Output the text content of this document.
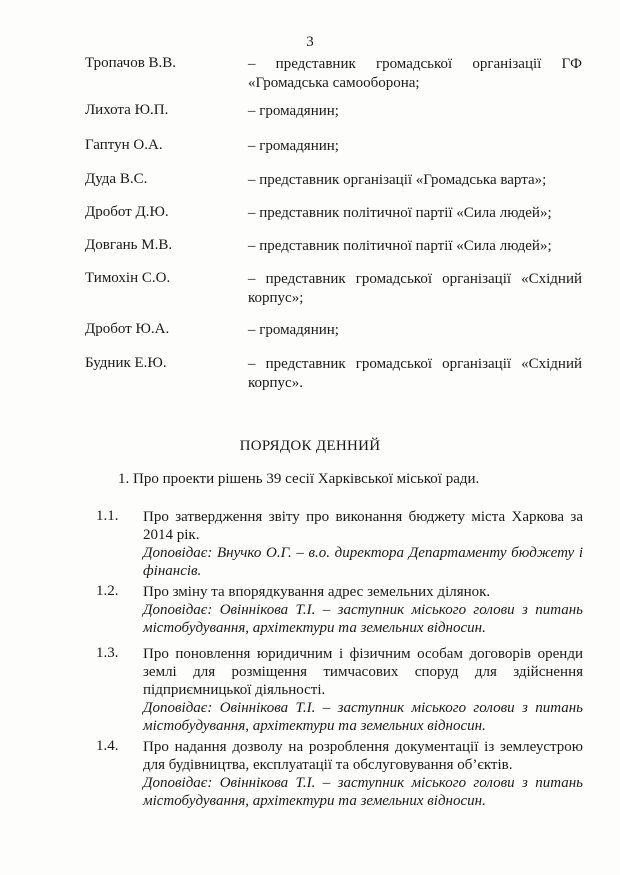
3
Тропачов В.В.	– представник громадської організації ГФ «Громадська самооборона;
Лихота Ю.П.	– громадянин;
Гаптун О.А.	– громадянин;
Дуда В.С.	– представник організації «Громадська варта»;
Дробот Д.Ю.	– представник політичної партії «Сила людей»;
Довгань М.В.	– представник політичної партії «Сила людей»;
Тимохін С.О.	– представник громадської організації «Східний корпус»;
Дробот Ю.А.	– громадянин;
Будник Е.Ю.	– представник громадської організації «Східний корпус».
ПОРЯДОК ДЕННИЙ
1. Про проекти рішень 39 сесії Харківської міської ради.
1.1. Про затвердження звіту про виконання бюджету міста Харкова за 2014 рік.
Доповідає: Внучко О.Г. – в.о. директора Департаменту бюджету і фінансів.
1.2. Про зміну та впорядкування адрес земельних ділянок.
Доповідає: Овіннікова Т.І. – заступник міського голови з питань містобудування, архітектури та земельних відносин.
1.3. Про поновлення юридичним і фізичним особам договорів оренди землі для розміщення тимчасових споруд для здійснення підприємницької діяльності.
Доповідає: Овіннікова Т.І. – заступник міського голови з питань містобудування, архітектури та земельних відносин.
1.4. Про надання дозволу на розроблення документації із землеустрою для будівництва, експлуатації та обслуговування об’єктів.
Доповідає: Овіннікова Т.І. – заступник міського голови з питань містобудування, архітектури та земельних відносин.
